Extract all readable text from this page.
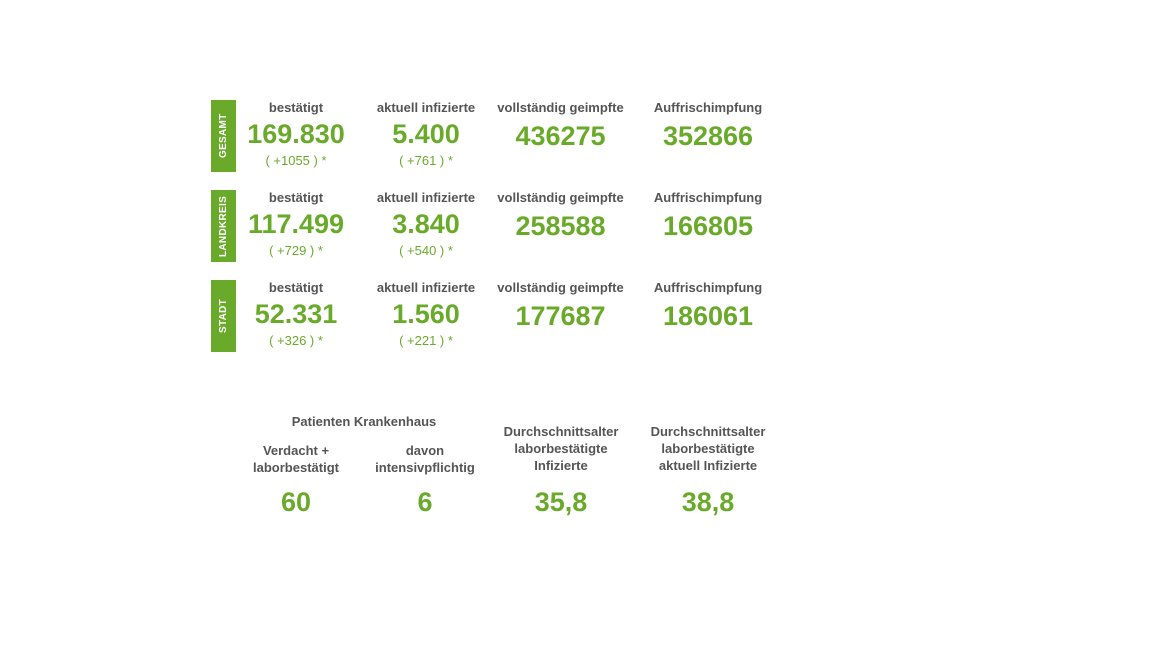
GESAMT
bestätigt
169.830
( +1055 ) *
aktuell infizierte
5.400
( +761 ) *
vollständig geimpfte
436275
Auffrischimpfung
352866
LANDKREIS	bestätigt
117.499
( +729 ) *
aktuell infizierte
3.840
( +540 ) *
vollständig geimpfte
258588
Auffrischimpfung
166805
STADT
bestätigt
52.331
( +326 ) *
aktuell infizierte
1.560
( +221 ) *
vollständig geimpfte
177687
Auffrischimpfung
186061
Patienten Krankenhaus
Verdacht +
laborbestätigt
60
davon
intensivpflichtig
6
Durchschnittsalter
laborbestätigte
Infizierte
35,8
Durchschnittsalter
laborbestätigte
aktuell Infizierte
38,8
